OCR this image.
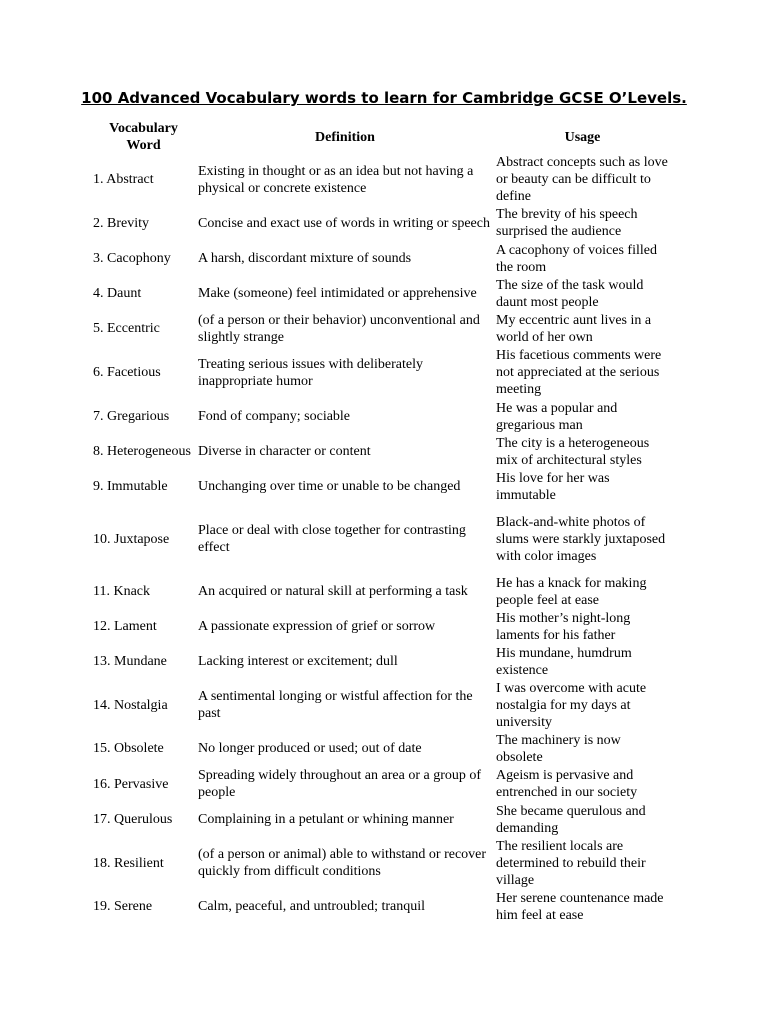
100 Advanced Vocabulary words to learn for Cambridge GCSE O’Levels.
Vocabulary Word	Definition	Usage
1. Abstract	Existing in thought or as an idea but not having a physical or concrete existence	Abstract concepts such as love or beauty can be difficult to define
2. Brevity	Concise and exact use of words in writing or speech	The brevity of his speech surprised the audience
3. Cacophony	A harsh, discordant mixture of sounds	A cacophony of voices filled the room
4. Daunt	Make (someone) feel intimidated or apprehensive	The size of the task would daunt most people
5. Eccentric	(of a person or their behavior) unconventional and slightly strange	My eccentric aunt lives in a world of her own
6. Facetious	Treating serious issues with deliberately inappropriate humor	His facetious comments were not appreciated at the serious meeting
7. Gregarious	Fond of company; sociable	He was a popular and gregarious man
8. Heterogeneous	Diverse in character or content	The city is a heterogeneous mix of architectural styles
9. Immutable	Unchanging over time or unable to be changed	His love for her was immutable
10. Juxtapose	Place or deal with close together for contrasting effect	Black-and-white photos of slums were starkly juxtaposed with color images
11. Knack	An acquired or natural skill at performing a task	He has a knack for making people feel at ease
12. Lament	A passionate expression of grief or sorrow	His mother’s night-long laments for his father
13. Mundane	Lacking interest or excitement; dull	His mundane, humdrum existence
14. Nostalgia	A sentimental longing or wistful affection for the past	I was overcome with acute nostalgia for my days at university
15. Obsolete	No longer produced or used; out of date	The machinery is now obsolete
16. Pervasive	Spreading widely throughout an area or a group of people	Ageism is pervasive and entrenched in our society
17. Querulous	Complaining in a petulant or whining manner	She became querulous and demanding
18. Resilient	(of a person or animal) able to withstand or recover quickly from difficult conditions	The resilient locals are determined to rebuild their village
19. Serene	Calm, peaceful, and untroubled; tranquil	Her serene countenance made him feel at ease
